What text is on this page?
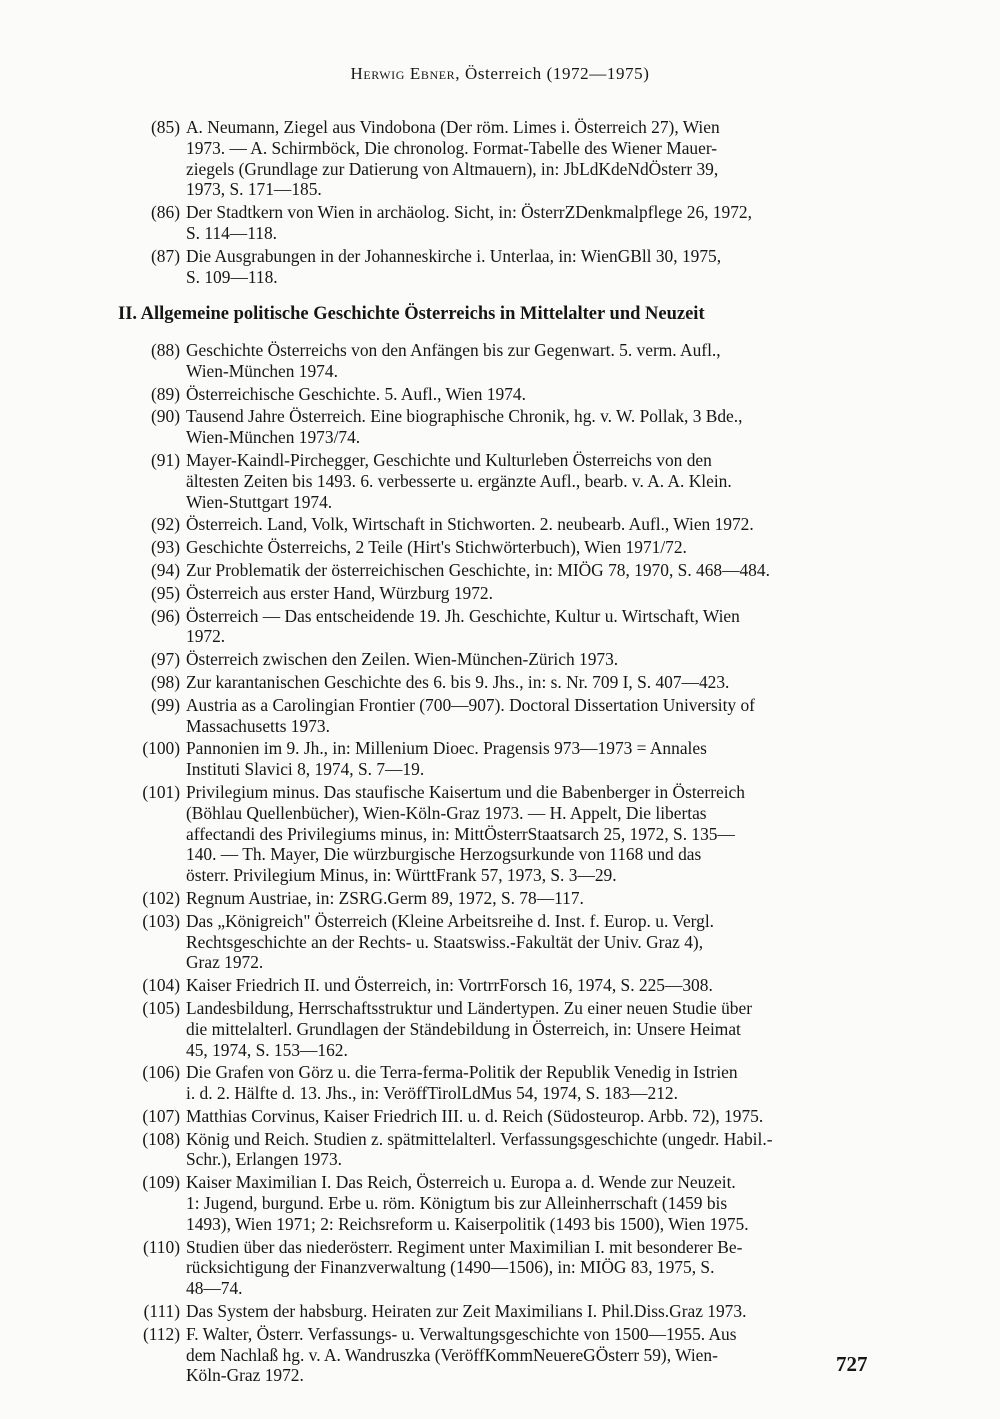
Herwig Ebner, Österreich (1972—1975)
(85) A. Neumann, Ziegel aus Vindobona (Der röm. Limes i. Österreich 27), Wien
1973. — A. Schirmböck, Die chronolog. Format-Tabelle des Wiener Mauer-
ziegels (Grundlage zur Datierung von Altmauern), in: JbLdKdeNdÖsterr 39,
1973, S. 171—185.
(86) Der Stadtkern von Wien in archäolog. Sicht, in: ÖsterrZDenkmalpflege 26, 1972,
S. 114—118.
(87) Die Ausgrabungen in der Johanneskirche i. Unterlaa, in: WienGBll 30, 1975,
S. 109—118.
II. Allgemeine politische Geschichte Österreichs in Mittelalter und Neuzeit
(88) Geschichte Österreichs von den Anfängen bis zur Gegenwart. 5. verm. Aufl.,
Wien-München 1974.
(89) Österreichische Geschichte. 5. Aufl., Wien 1974.
(90) Tausend Jahre Österreich. Eine biographische Chronik, hg. v. W. Pollak, 3 Bde.,
Wien-München 1973/74.
(91) Mayer-Kaindl-Pirchegger, Geschichte und Kulturleben Österreichs von den
ältesten Zeiten bis 1493. 6. verbesserte u. ergänzte Aufl., bearb. v. A. A. Klein.
Wien-Stuttgart 1974.
(92) Österreich. Land, Volk, Wirtschaft in Stichworten. 2. neubearb. Aufl., Wien 1972.
(93) Geschichte Österreichs, 2 Teile (Hirt's Stichwörterbuch), Wien 1971/72.
(94) Zur Problematik der österreichischen Geschichte, in: MIÖG 78, 1970, S. 468—484.
(95) Österreich aus erster Hand, Würzburg 1972.
(96) Österreich — Das entscheidende 19. Jh. Geschichte, Kultur u. Wirtschaft, Wien
1972.
(97) Österreich zwischen den Zeilen. Wien-München-Zürich 1973.
(98) Zur karantanischen Geschichte des 6. bis 9. Jhs., in: s. Nr. 709 I, S. 407—423.
(99) Austria as a Carolingian Frontier (700—907). Doctoral Dissertation University of
Massachusetts 1973.
(100) Pannonien im 9. Jh., in: Millenium Dioec. Pragensis 973—1973 = Annales
Instituti Slavici 8, 1974, S. 7—19.
(101) Privilegium minus. Das staufische Kaisertum und die Babenberger in Österreich
(Böhlau Quellenbücher), Wien-Köln-Graz 1973. — H. Appelt, Die libertas
affectandi des Privilegiums minus, in: MittÖsterrStaatsarch 25, 1972, S. 135—
140. — Th. Mayer, Die würzburgische Herzogsurkunde von 1168 und das
österr. Privilegium Minus, in: WürttFrank 57, 1973, S. 3—29.
(102) Regnum Austriae, in: ZSRG.Germ 89, 1972, S. 78—117.
(103) Das „Königreich" Österreich (Kleine Arbeitsreihe d. Inst. f. Europ. u. Vergl.
Rechtsgeschichte an der Rechts- u. Staatswiss.-Fakultät der Univ. Graz 4),
Graz 1972.
(104) Kaiser Friedrich II. und Österreich, in: VortrrForsch 16, 1974, S. 225—308.
(105) Landesbildung, Herrschaftsstruktur und Ländertypen. Zu einer neuen Studie über
die mittelalterl. Grundlagen der Ständebildung in Österreich, in: Unsere Heimat
45, 1974, S. 153—162.
(106) Die Grafen von Görz u. die Terra-ferma-Politik der Republik Venedig in Istrien
i. d. 2. Hälfte d. 13. Jhs., in: VeröffTirolLdMus 54, 1974, S. 183—212.
(107) Matthias Corvinus, Kaiser Friedrich III. u. d. Reich (Südosteurop. Arbb. 72), 1975.
(108) König und Reich. Studien z. spätmittelalterl. Verfassungsgeschichte (ungedr. Habil.-
Schr.), Erlangen 1973.
(109) Kaiser Maximilian I. Das Reich, Österreich u. Europa a. d. Wende zur Neuzeit.
1: Jugend, burgund. Erbe u. röm. Königtum bis zur Alleinherrschaft (1459 bis
1493), Wien 1971; 2: Reichsreform u. Kaiserpolitik (1493 bis 1500), Wien 1975.
(110) Studien über das niederösterr. Regiment unter Maximilian I. mit besonderer Be-
rücksichtigung der Finanzverwaltung (1490—1506), in: MIÖG 83, 1975, S.
48—74.
(111) Das System der habsburg. Heiraten zur Zeit Maximilians I. Phil.Diss.Graz 1973.
(112) F. Walter, Österr. Verfassungs- u. Verwaltungsgeschichte von 1500—1955. Aus
dem Nachlaß hg. v. A. Wandruszka (VeröffKommNeuereGÖsterr 59), Wien-
Köln-Graz 1972.	727
